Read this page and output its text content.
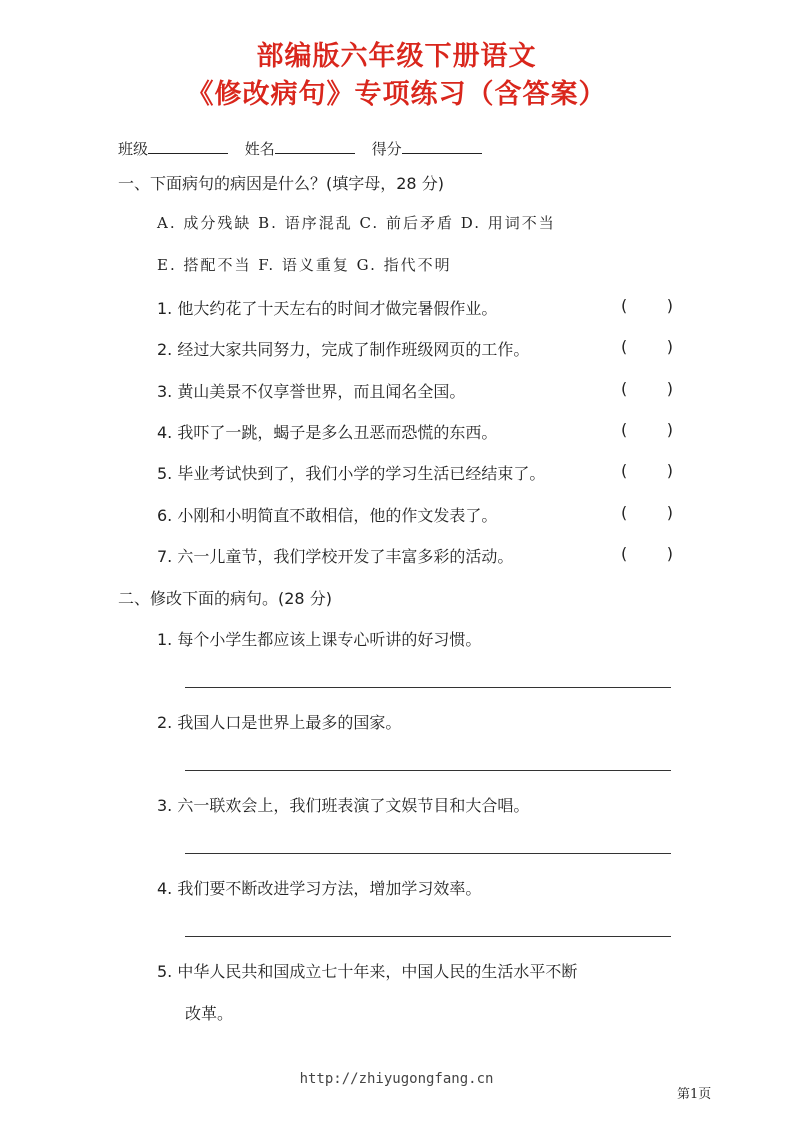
部编版六年级下册语文
《修改病句》专项练习（含答案）
班级	姓名	得分
一、下面病句的病因是什么？(填字母，28 分)
A. 成分残缺 B. 语序混乱 C. 前后矛盾 D. 用词不当
E. 搭配不当 F. 语义重复 G. 指代不明
1. 他大约花了十天左右的时间才做完暑假作业。	( )
2. 经过大家共同努力，完成了制作班级网页的工作。	( )
3. 黄山美景不仅享誉世界，而且闻名全国。	( )
4. 我吓了一跳，蝎子是多么丑恶而恐慌的东西。	( )
5. 毕业考试快到了，我们小学的学习生活已经结束了。	( )
6. 小刚和小明简直不敢相信，他的作文发表了。	( )
7. 六一儿童节，我们学校开发了丰富多彩的活动。	( )
二、修改下面的病句。(28 分)
1. 每个小学生都应该上课专心听讲的好习惯。
2. 我国人口是世界上最多的国家。
3. 六一联欢会上，我们班表演了文娱节目和大合唱。
4. 我们要不断改进学习方法，增加学习效率。
5. 中华人民共和国成立七十年来，中国人民的生活水平不断
改革。
http://zhiyugongfang.cn
第1页
